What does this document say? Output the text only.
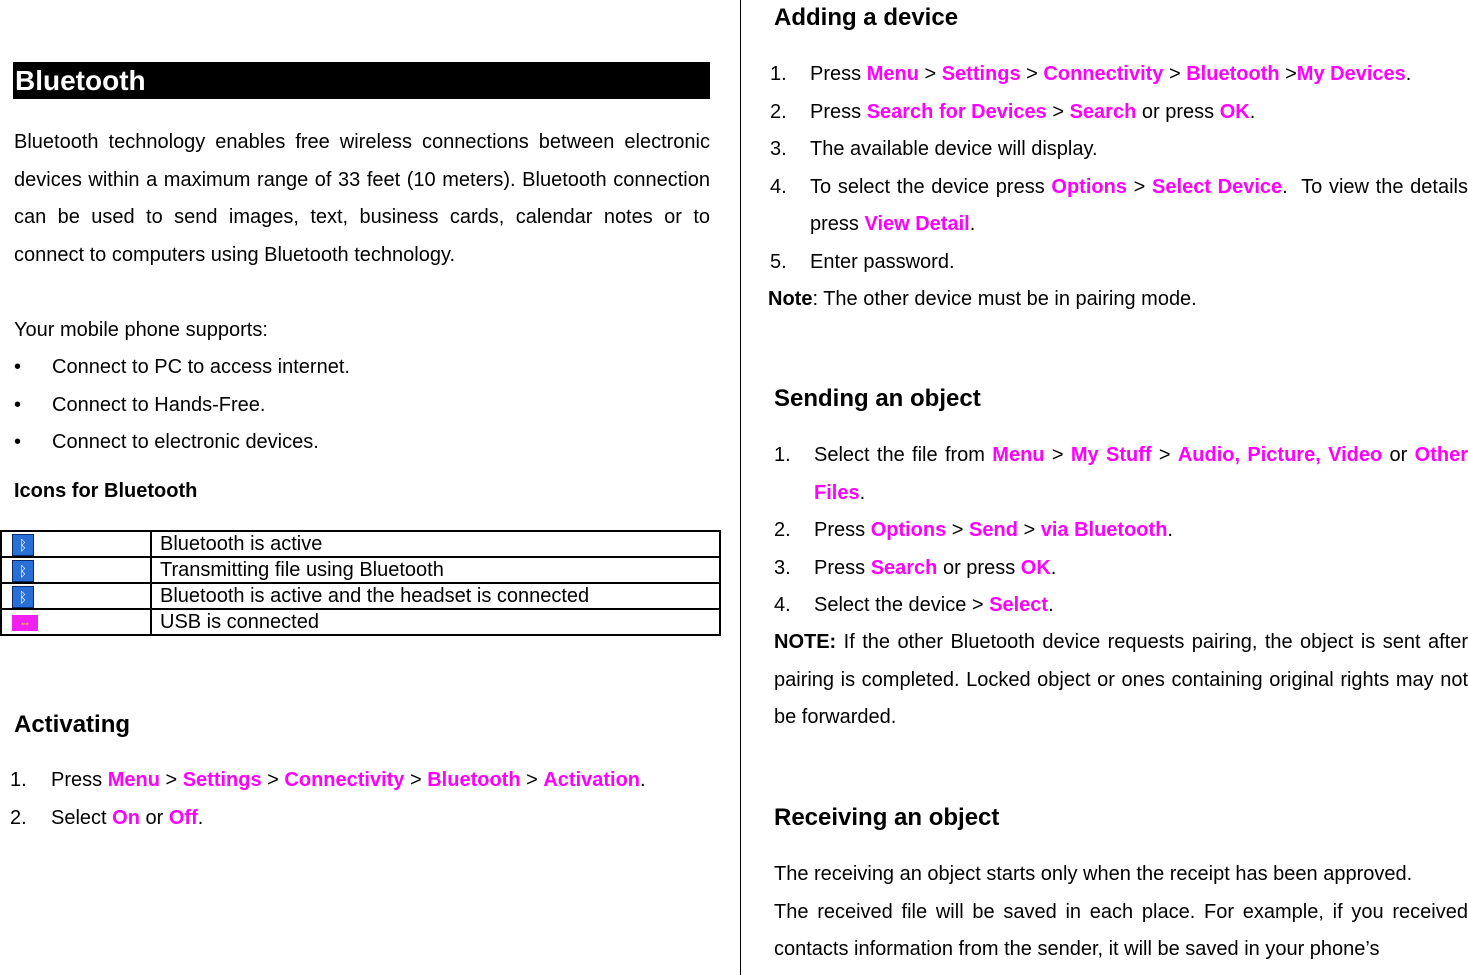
Bluetooth

Bluetooth technology enables free wireless connections between electronic devices within a maximum range of 33 feet (10 meters). Bluetooth connection can be used to send images, text, business cards, calendar notes or to connect to computers using Bluetooth technology.

Your mobile phone supports:

• Connect to PC to access internet.
• Connect to Hands-Free.
• Connect to electronic devices.

Icons for Bluetooth

ᛒ	Bluetooth is active
ᛒ	Transmitting file using Bluetooth
ᛒ	Bluetooth is active and the headset is connected
⇔	USB is connected
Activating
1. Press Menu > Settings > Connectivity > Bluetooth > Activation.
2. Select On or Off.
Adding a device
1. Press Menu > Settings > Connectivity > Bluetooth >My Devices.
2. Press Search for Devices > Search or press OK.
3. The available device will display.
4. To select the device press Options > Select Device.  To view the details press View Detail.
5. Enter password.

Note: The other device must be in pairing mode.

Sending an object
1. Select the file from Menu > My Stuff > Audio, Picture, Video or Other Files.
2. Press Options > Send > via Bluetooth.
3. Press Search or press OK.
4. Select the device > Select.

NOTE: If the other Bluetooth device requests pairing, the object is sent after pairing is completed. Locked object or ones containing original rights may not be forwarded.

Receiving an object

The receiving an object starts only when the receipt has been approved.
The received file will be saved in each place. For example, if you received contacts information from the sender, it will be saved in your phone’s
